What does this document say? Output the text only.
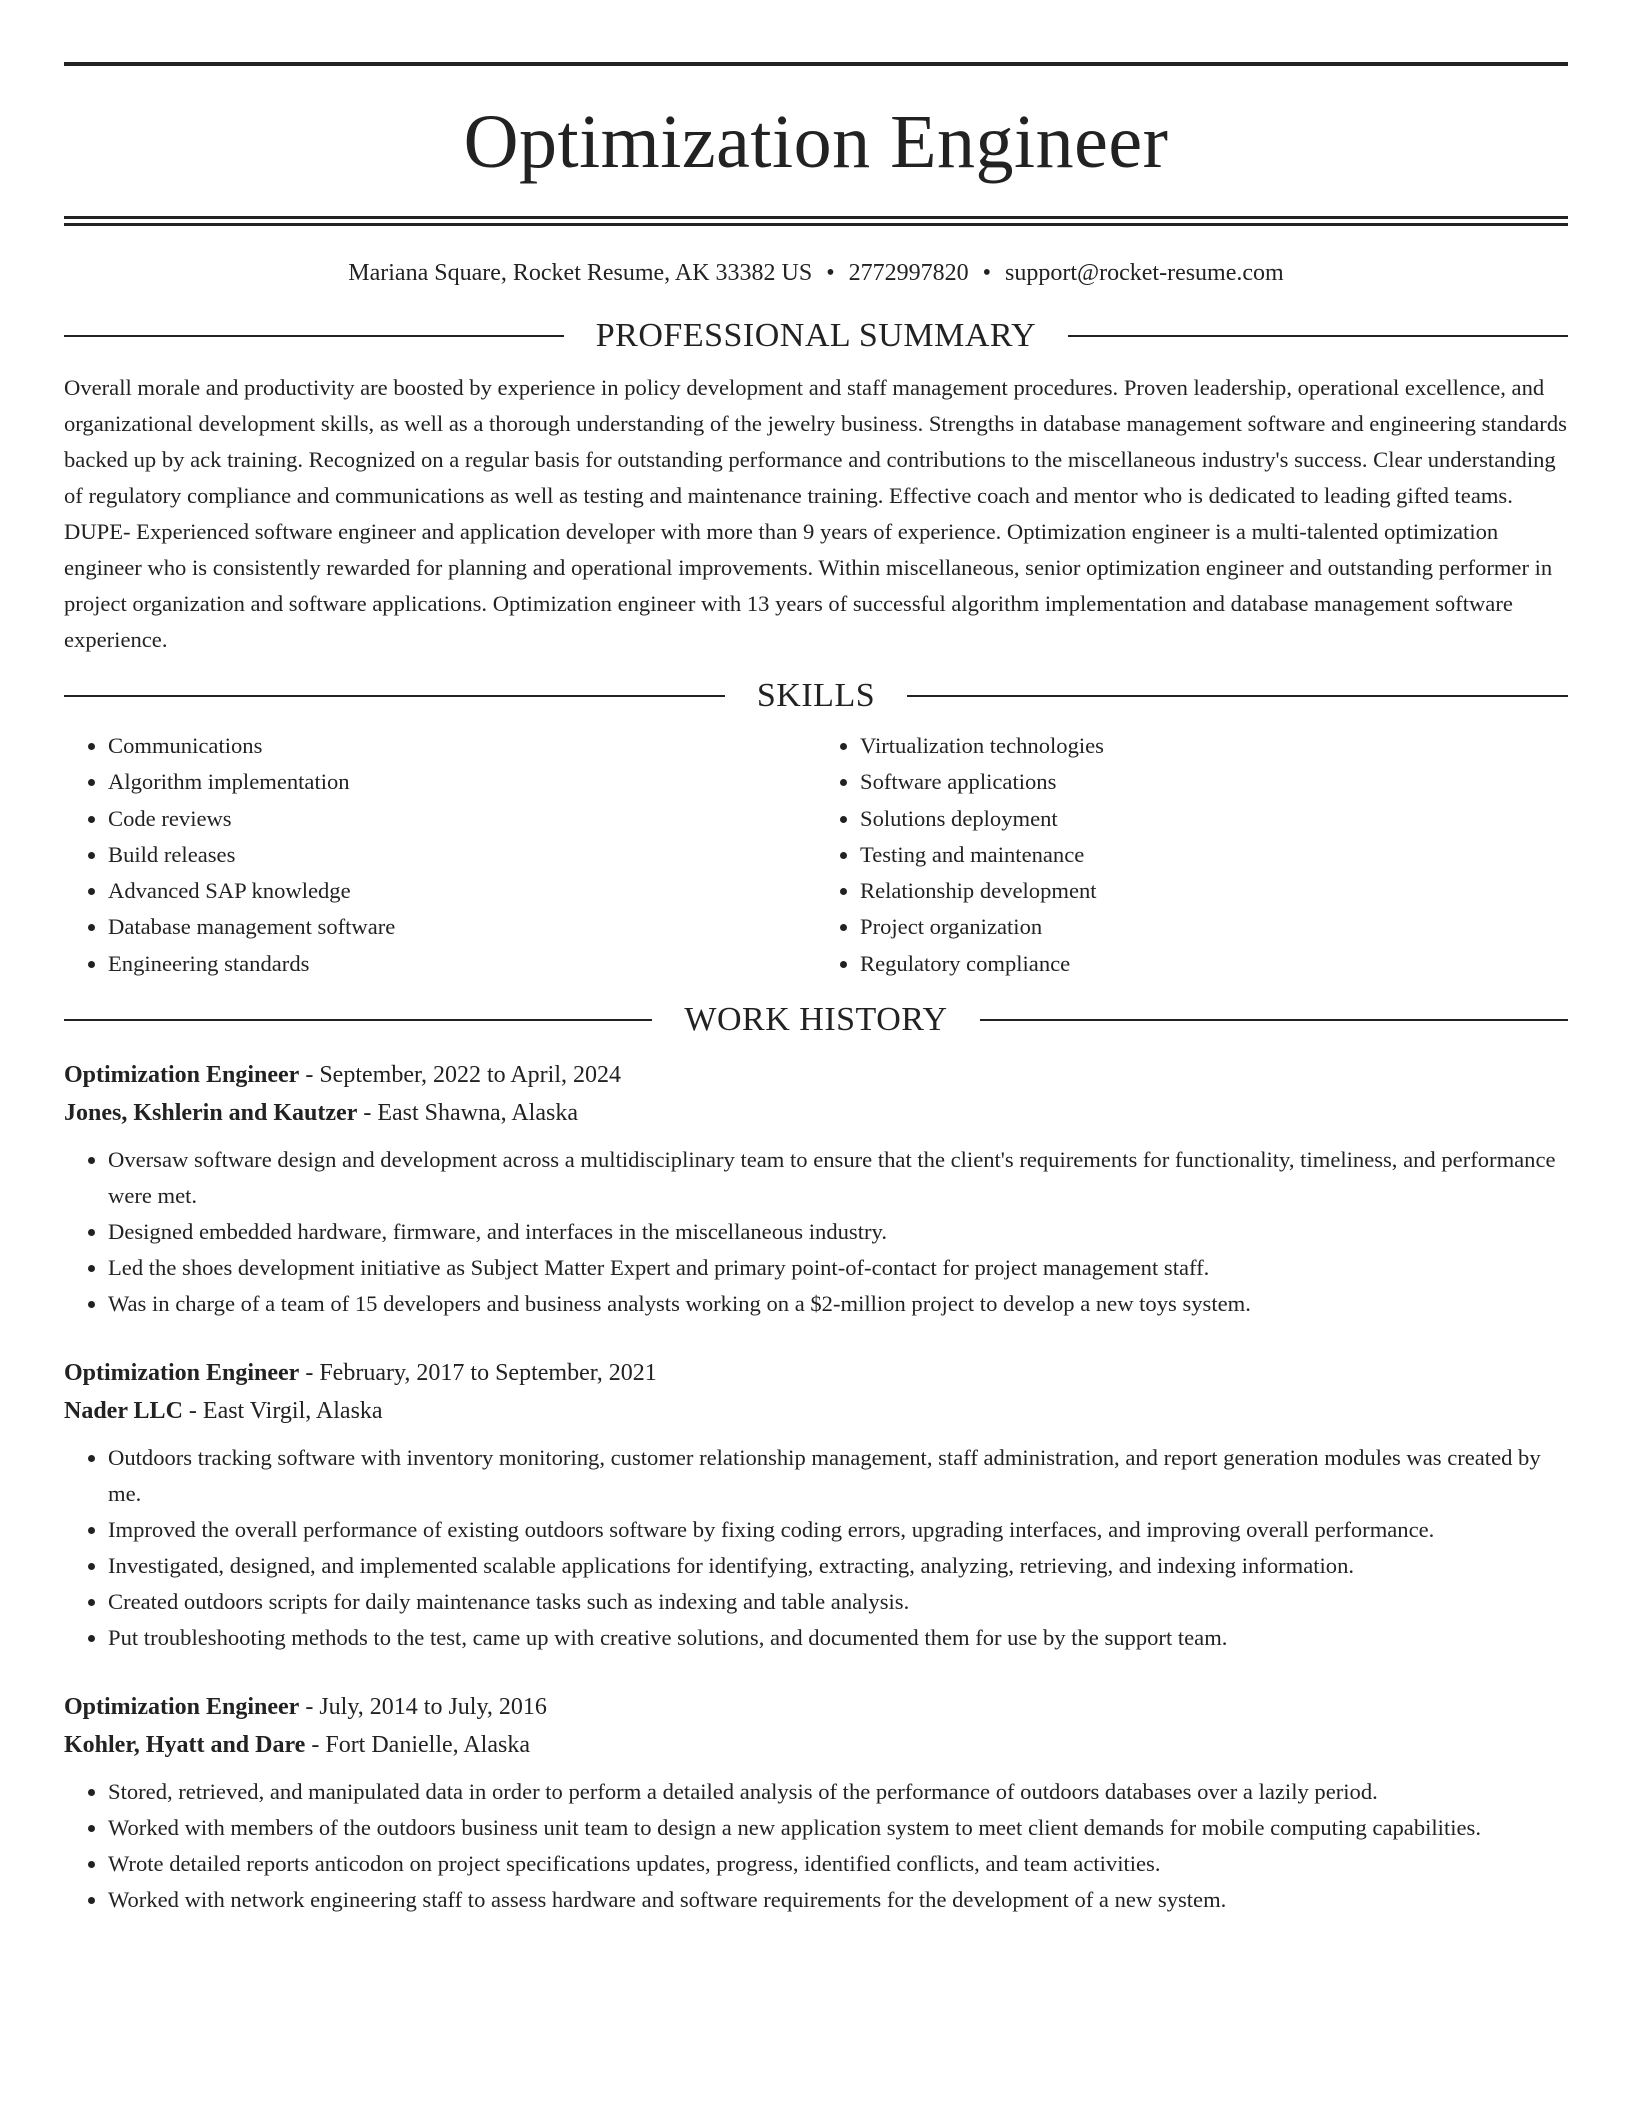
Optimization Engineer
Mariana Square, Rocket Resume, AK 33382 US • 2772997820 • support@rocket-resume.com
PROFESSIONAL SUMMARY

Overall morale and productivity are boosted by experience in policy development and staff management procedures. Proven leadership, operational excellence, and organizational development skills, as well as a thorough understanding of the jewelry business. Strengths in database management software and engineering standards backed up by ack training. Recognized on a regular basis for outstanding performance and contributions to the miscellaneous industry's success. Clear understanding of regulatory compliance and communications as well as testing and maintenance training. Effective coach and mentor who is dedicated to leading gifted teams. DUPE- Experienced software engineer and application developer with more than 9 years of experience. Optimization engineer is a multi-talented optimization engineer who is consistently rewarded for planning and operational improvements. Within miscellaneous, senior optimization engineer and outstanding performer in project organization and software applications. Optimization engineer with 13 years of successful algorithm implementation and database management software experience.

SKILLS
• Communications
• Algorithm implementation
• Code reviews
• Build releases
• Advanced SAP knowledge
• Database management software
• Engineering standards
• Virtualization technologies
• Software applications
• Solutions deployment
• Testing and maintenance
• Relationship development
• Project organization
• Regulatory compliance
WORK HISTORY
Optimization Engineer - September, 2022 to April, 2024
Jones, Kshlerin and Kautzer - East Shawna, Alaska
• Oversaw software design and development across a multidisciplinary team to ensure that the client's requirements for functionality, timeliness, and performance were met.
• Designed embedded hardware, firmware, and interfaces in the miscellaneous industry.
• Led the shoes development initiative as Subject Matter Expert and primary point-of-contact for project management staff.
• Was in charge of a team of 15 developers and business analysts working on a $2-million project to develop a new toys system.
Optimization Engineer - February, 2017 to September, 2021
Nader LLC - East Virgil, Alaska
• Outdoors tracking software with inventory monitoring, customer relationship management, staff administration, and report generation modules was created by me.
• Improved the overall performance of existing outdoors software by fixing coding errors, upgrading interfaces, and improving overall performance.
• Investigated, designed, and implemented scalable applications for identifying, extracting, analyzing, retrieving, and indexing information.
• Created outdoors scripts for daily maintenance tasks such as indexing and table analysis.
• Put troubleshooting methods to the test, came up with creative solutions, and documented them for use by the support team.
Optimization Engineer - July, 2014 to July, 2016
Kohler, Hyatt and Dare - Fort Danielle, Alaska
• Stored, retrieved, and manipulated data in order to perform a detailed analysis of the performance of outdoors databases over a lazily period.
• Worked with members of the outdoors business unit team to design a new application system to meet client demands for mobile computing capabilities.
• Wrote detailed reports anticodon on project specifications updates, progress, identified conflicts, and team activities.
• Worked with network engineering staff to assess hardware and software requirements for the development of a new system.
